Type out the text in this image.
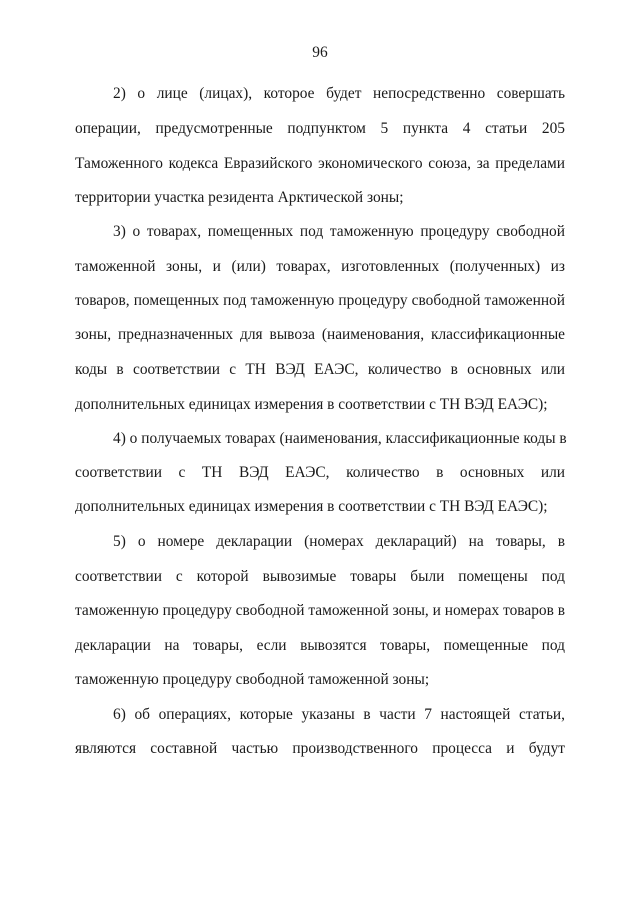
96
2) о лице (лицах), которое будет непосредственно совершать
операции, предусмотренные подпунктом 5 пункта 4 статьи 205
Таможенного кодекса Евразийского экономического союза, за пределами
территории участка резидента Арктической зоны;
3) о товарах, помещенных под таможенную процедуру свободной
таможенной зоны, и (или) товарах, изготовленных (полученных) из
товаров, помещенных под таможенную процедуру свободной таможенной
зоны, предназначенных для вывоза (наименования, классификационные
коды в соответствии с ТН ВЭД ЕАЭС, количество в основных или
дополнительных единицах измерения в соответствии с ТН ВЭД ЕАЭС);
4) о получаемых товарах (наименования, классификационные коды в
соответствии с ТН ВЭД ЕАЭС, количество в основных или
дополнительных единицах измерения в соответствии с ТН ВЭД ЕАЭС);
5) о номере декларации (номерах деклараций) на товары, в
соответствии с которой вывозимые товары были помещены под
таможенную процедуру свободной таможенной зоны, и номерах товаров в
декларации на товары, если вывозятся товары, помещенные под
таможенную процедуру свободной таможенной зоны;
6) об операциях, которые указаны в части 7 настоящей статьи,
являются составной частью производственного процесса и будут
